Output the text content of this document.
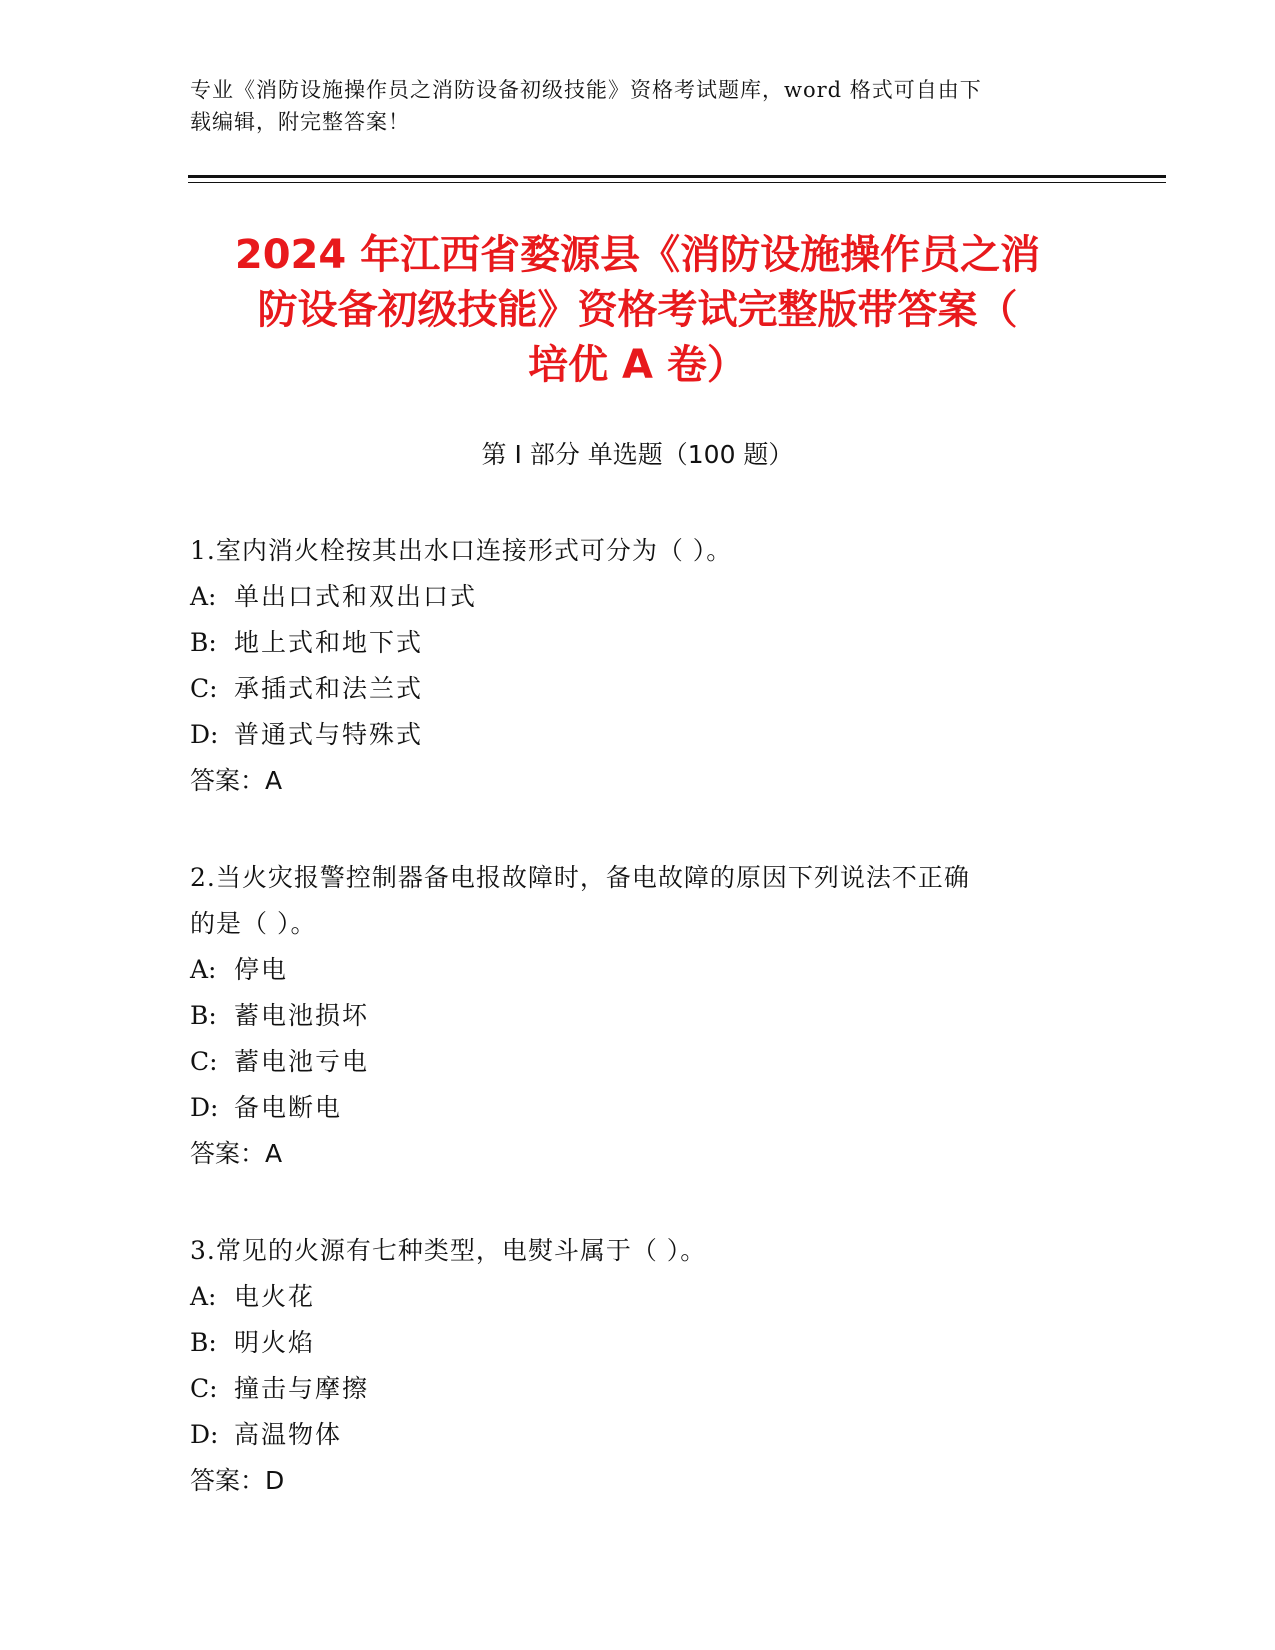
专业《消防设施操作员之消防设备初级技能》资格考试题库，word 格式可自由下
载编辑，附完整答案！
2024 年江西省婺源县《消防设施操作员之消
防设备初级技能》资格考试完整版带答案（
培优 A 卷）
第 I 部分 单选题（100 题）

1.室内消火栓按其出水口连接形式可分为（ ）。

A: 单出口式和双出口式

B: 地上式和地下式

C: 承插式和法兰式

D: 普通式与特殊式

答案：A

2.当火灾报警控制器备电报故障时，备电故障的原因下列说法不正确

的是（ ）。

A: 停电

B: 蓄电池损坏

C: 蓄电池亏电

D: 备电断电

答案：A

3.常见的火源有七种类型，电熨斗属于（ ）。

A: 电火花

B: 明火焰

C: 撞击与摩擦

D: 高温物体

答案：D
